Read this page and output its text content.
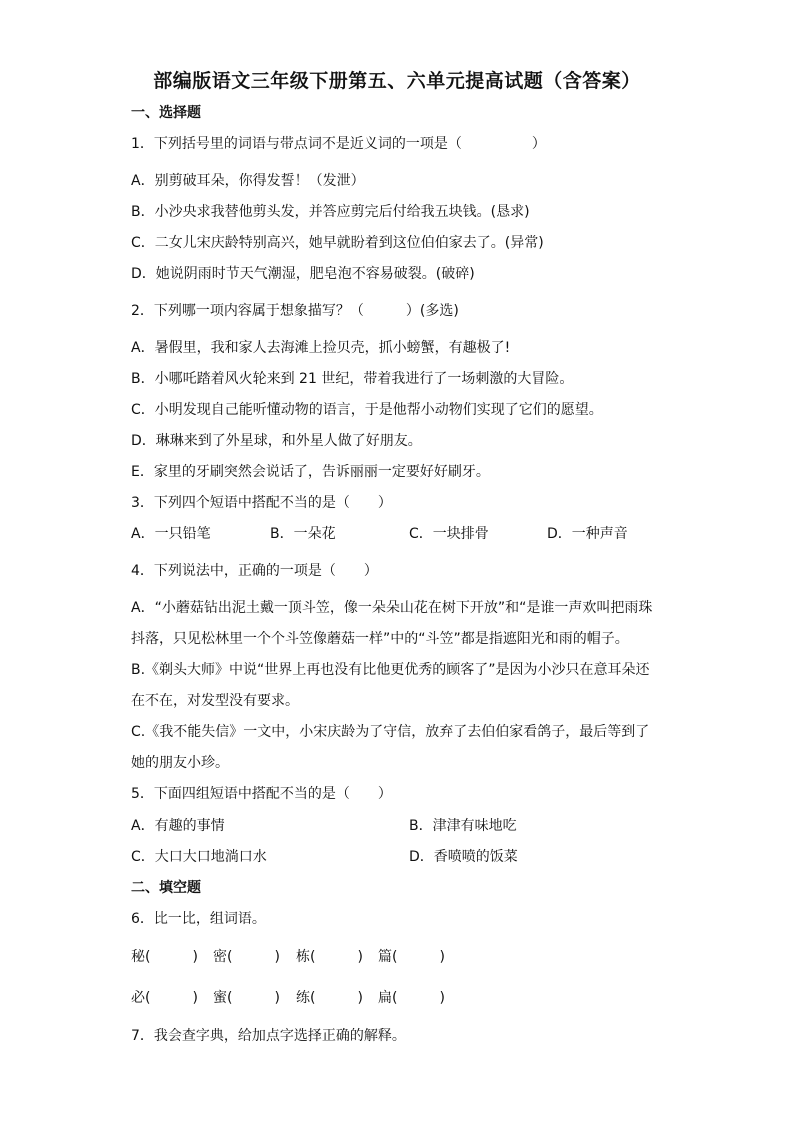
部编版语文三年级下册第五、六单元提高试题（含答案）
一、选择题
1．下列括号里的词语与带点词不是近义词的一项是（　　　　　）
A．别剪破耳朵，你得发誓！（发泄）
B．小沙央求我替他剪头发，并答应剪完后付给我五块钱。(恳求)
C．二女儿宋庆龄特别高兴，她早就盼着到这位伯伯家去了。(异常)
D．她说阴雨时节天气潮湿，肥皂泡不容易破裂。(破碎)
2．下列哪一项内容属于想象描写？（　　　）(多选)
A．暑假里，我和家人去海滩上捡贝壳，抓小螃蟹，有趣极了!
B．小哪吒踏着风火轮来到 21 世纪，带着我进行了一场刺激的大冒险。
C．小明发现自己能听懂动物的语言，于是他帮小动物们实现了它们的愿望。
D．琳琳来到了外星球，和外星人做了好朋友。
E．家里的牙刷突然会说话了，告诉丽丽一定要好好刷牙。
3．下列四个短语中搭配不当的是（　　）
A．一只铅笔	B．一朵花	C．一块排骨	D．一种声音
4．下列说法中，正确的一项是（　　）
A．“小蘑菇钻出泥土戴一顶斗笠，像一朵朵山花在树下开放”和“是谁一声欢叫把雨珠
抖落，只见松林里一个个斗笠像蘑菇一样”中的“斗笠”都是指遮阳光和雨的帽子。
B.《剃头大师》中说“世界上再也没有比他更优秀的顾客了”是因为小沙只在意耳朵还
在不在，对发型没有要求。
C.《我不能失信》一文中，小宋庆龄为了守信，放弃了去伯伯家看鸽子，最后等到了
她的朋友小珍。
5．下面四组短语中搭配不当的是（　　）
A．有趣的事情	B．津津有味地吃
C．大口大口地淌口水	D．香喷喷的饭菜
二、填空题
6．比一比，组词语。
秘(　　　) 密(　　　) 栋(　　　) 篇(　　　)
必(　　　) 蜜(　　　) 练(　　　) 扁(　　　)
7．我会查字典，给加点字选择正确的解释。
